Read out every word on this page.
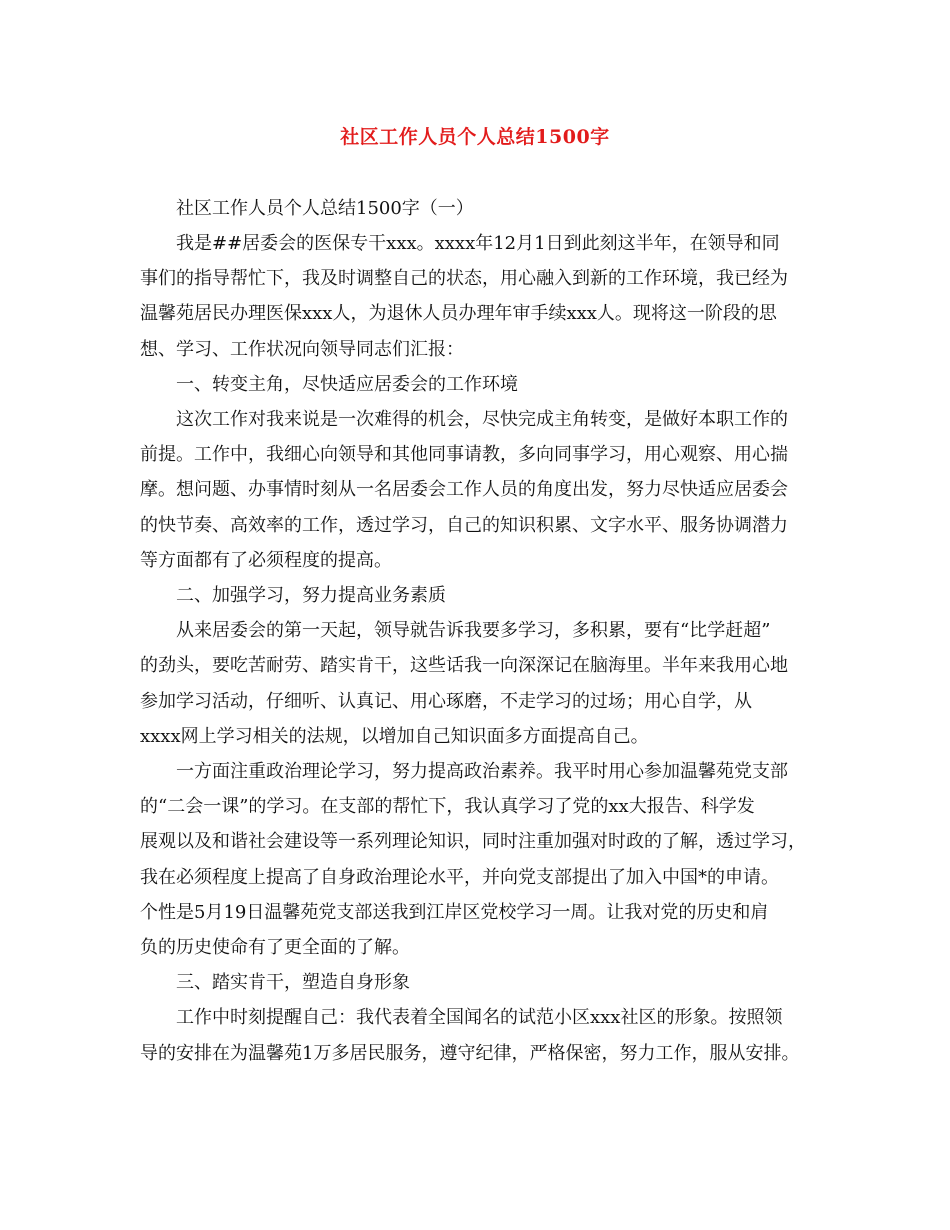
社区工作人员个人总结1500字
社区工作人员个人总结1500字（一）
我是##居委会的医保专干xxx。xxxx年12月1日到此刻这半年，在领导和同
事们的指导帮忙下，我及时调整自己的状态，用心融入到新的工作环境，我已经为
温馨苑居民办理医保xxx人，为退休人员办理年审手续xxx人。现将这一阶段的思
想、学习、工作状况向领导同志们汇报：
一、转变主角，尽快适应居委会的工作环境
这次工作对我来说是一次难得的机会，尽快完成主角转变，是做好本职工作的
前提。工作中，我细心向领导和其他同事请教，多向同事学习，用心观察、用心揣
摩。想问题、办事情时刻从一名居委会工作人员的角度出发，努力尽快适应居委会
的快节奏、高效率的工作，透过学习，自己的知识积累、文字水平、服务协调潜力
等方面都有了必须程度的提高。
二、加强学习，努力提高业务素质
从来居委会的第一天起，领导就告诉我要多学习，多积累，要有“比学赶超”
的劲头，要吃苦耐劳、踏实肯干，这些话我一向深深记在脑海里。半年来我用心地
参加学习活动，仔细听、认真记、用心琢磨，不走学习的过场；用心自学，从
xxxx网上学习相关的法规，以增加自己知识面多方面提高自己。
一方面注重政治理论学习，努力提高政治素养。我平时用心参加温馨苑党支部
的“二会一课”的学习。在支部的帮忙下，我认真学习了党的xx大报告、科学发
展观以及和谐社会建设等一系列理论知识，同时注重加强对时政的了解，透过学习，
我在必须程度上提高了自身政治理论水平，并向党支部提出了加入中国*的申请。
个性是5月19日温馨苑党支部送我到江岸区党校学习一周。让我对党的历史和肩
负的历史使命有了更全面的了解。
三、踏实肯干，塑造自身形象
工作中时刻提醒自己：我代表着全国闻名的试范小区xxx社区的形象。按照领
导的安排在为温馨苑1万多居民服务，遵守纪律，严格保密，努力工作，服从安排。
